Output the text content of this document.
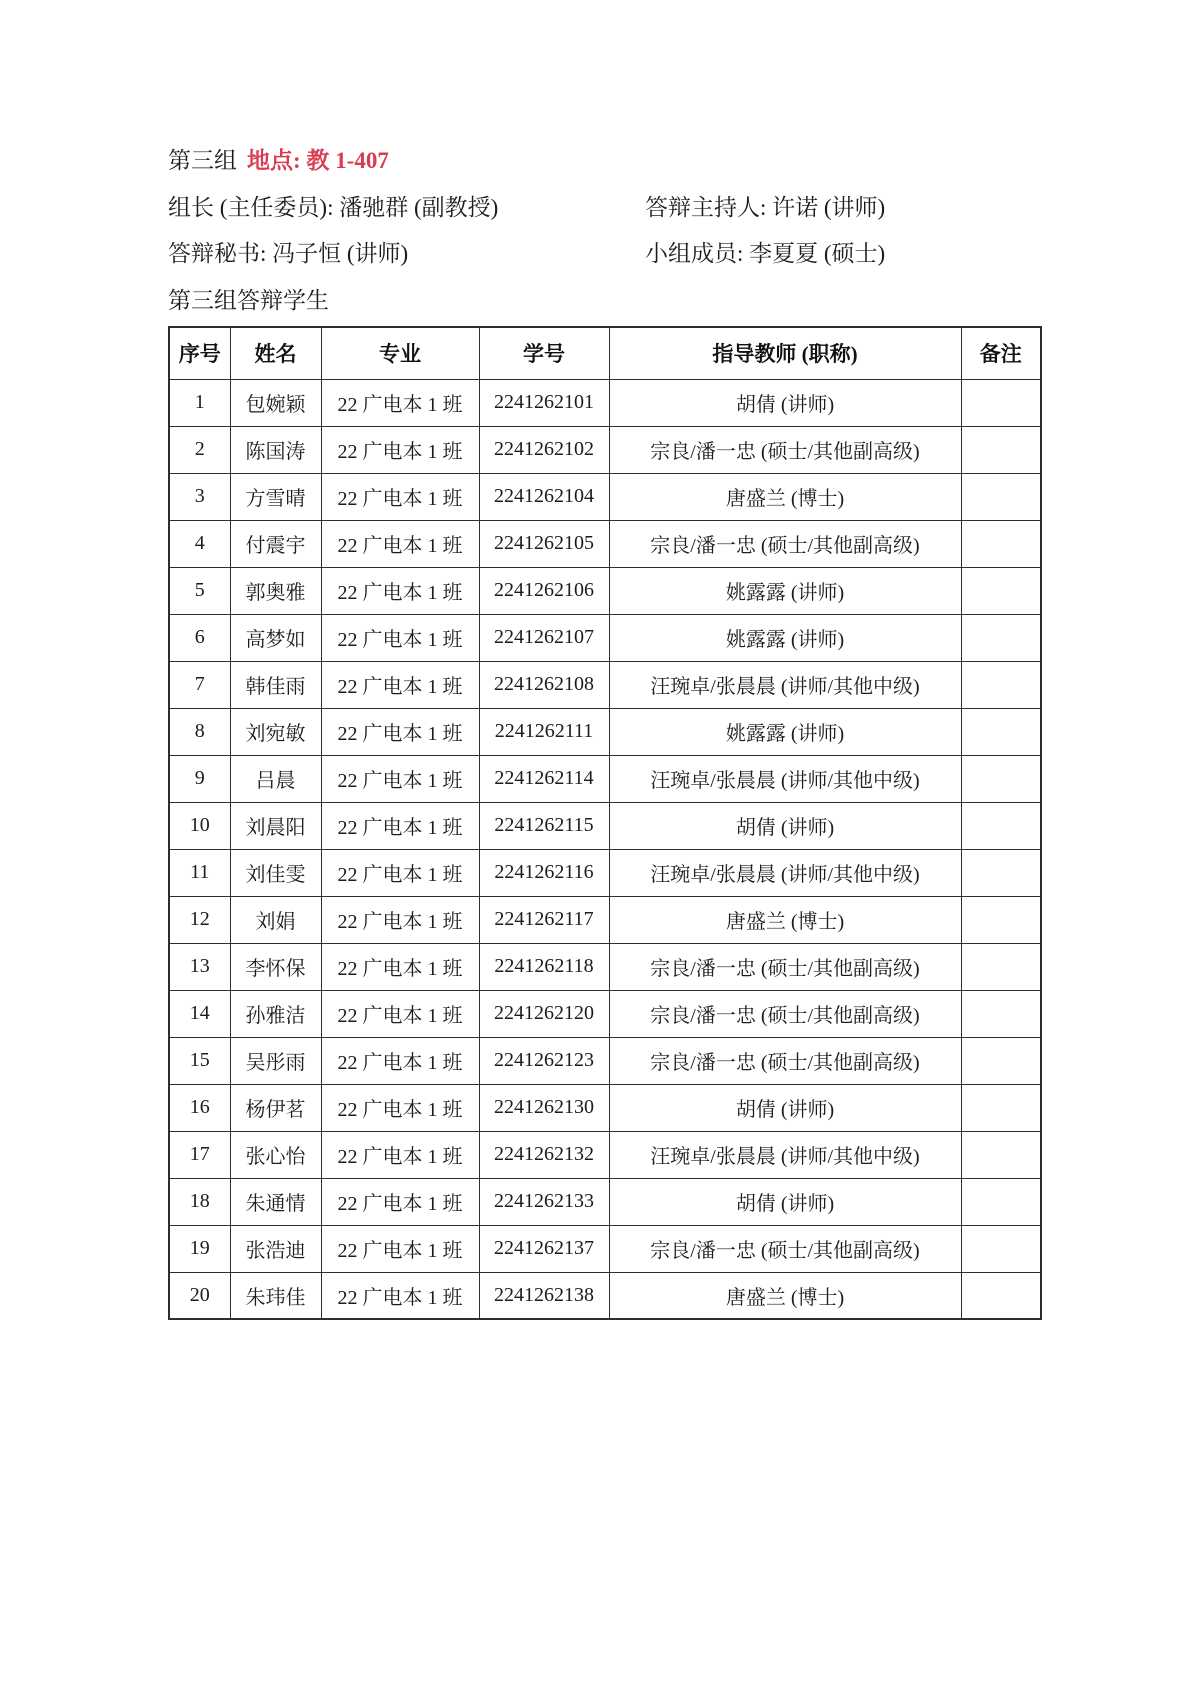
第三组 地点: 教 1-407
组长 (主任委员): 潘驰群 (副教授)	答辩主持人: 许诺 (讲师)
答辩秘书: 冯子恒 (讲师)	小组成员: 李夏夏 (硕士)
第三组答辩学生
序号	姓名	专业	学号	指导教师 (职称)	备注
1	包婉颖	22 广电本 1 班	2241262101	胡倩 (讲师)	
2	陈国涛	22 广电本 1 班	2241262102	宗良/潘一忠 (硕士/其他副高级)	
3	方雪晴	22 广电本 1 班	2241262104	唐盛兰 (博士)	
4	付震宇	22 广电本 1 班	2241262105	宗良/潘一忠 (硕士/其他副高级)	
5	郭奥雅	22 广电本 1 班	2241262106	姚露露 (讲师)	
6	高梦如	22 广电本 1 班	2241262107	姚露露 (讲师)	
7	韩佳雨	22 广电本 1 班	2241262108	汪琬卓/张晨晨 (讲师/其他中级)	
8	刘宛敏	22 广电本 1 班	2241262111	姚露露 (讲师)	
9	吕晨	22 广电本 1 班	2241262114	汪琬卓/张晨晨 (讲师/其他中级)	
10	刘晨阳	22 广电本 1 班	2241262115	胡倩 (讲师)	
11	刘佳雯	22 广电本 1 班	2241262116	汪琬卓/张晨晨 (讲师/其他中级)	
12	刘娟	22 广电本 1 班	2241262117	唐盛兰 (博士)	
13	李怀保	22 广电本 1 班	2241262118	宗良/潘一忠 (硕士/其他副高级)	
14	孙雅洁	22 广电本 1 班	2241262120	宗良/潘一忠 (硕士/其他副高级)	
15	吴彤雨	22 广电本 1 班	2241262123	宗良/潘一忠 (硕士/其他副高级)	
16	杨伊茗	22 广电本 1 班	2241262130	胡倩 (讲师)	
17	张心怡	22 广电本 1 班	2241262132	汪琬卓/张晨晨 (讲师/其他中级)	
18	朱通情	22 广电本 1 班	2241262133	胡倩 (讲师)	
19	张浩迪	22 广电本 1 班	2241262137	宗良/潘一忠 (硕士/其他副高级)	
20	朱玮佳	22 广电本 1 班	2241262138	唐盛兰 (博士)	
